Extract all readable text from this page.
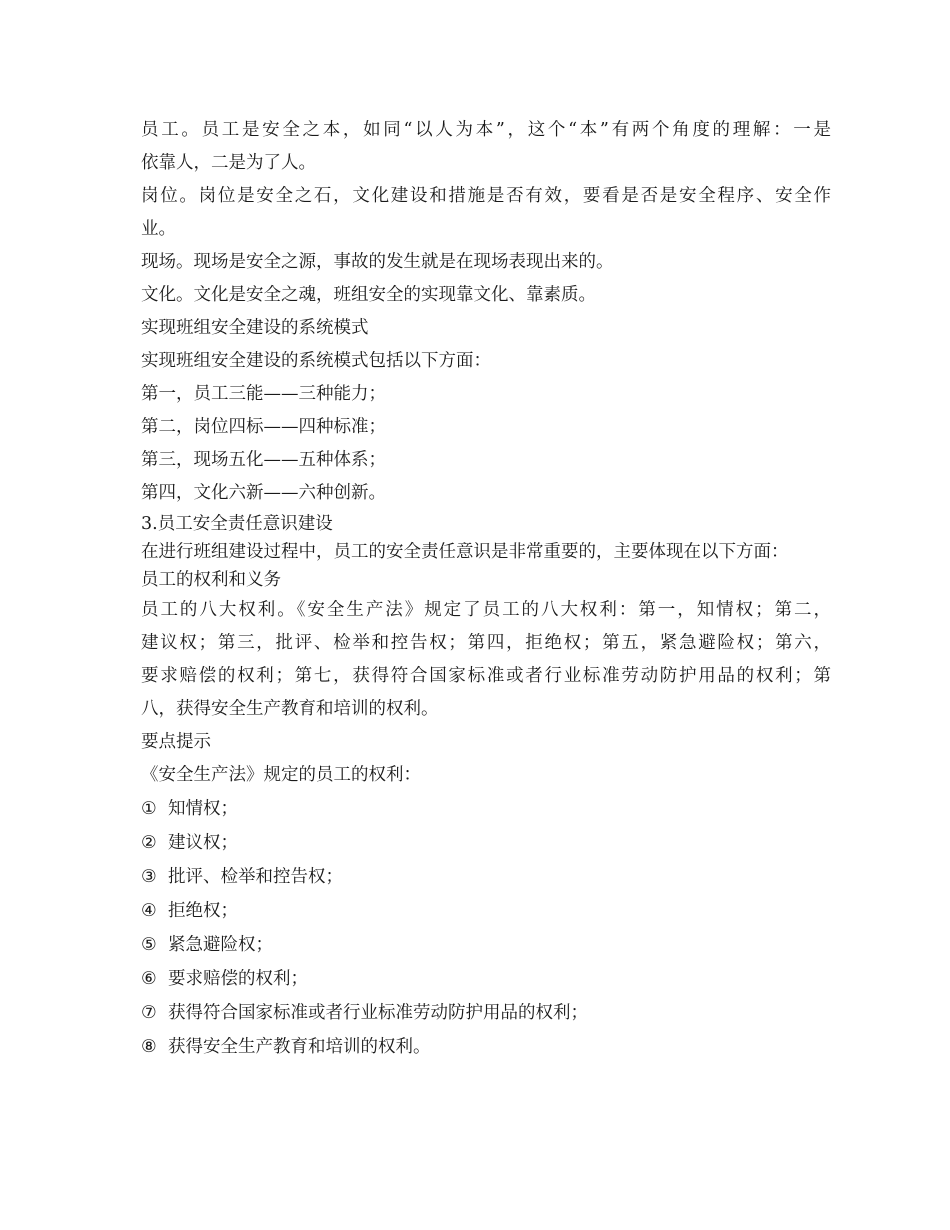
员工。员工是安全之本，如同“以人为本”，这个“本”有两个角度的理解：一是
依靠人，二是为了人。
岗位。岗位是安全之石，文化建设和措施是否有效，要看是否是安全程序、安全作
业。
现场。现场是安全之源，事故的发生就是在现场表现出来的。
文化。文化是安全之魂，班组安全的实现靠文化、靠素质。
实现班组安全建设的系统模式
实现班组安全建设的系统模式包括以下方面：
第一，员工三能——三种能力；
第二，岗位四标——四种标准；
第三，现场五化——五种体系；
第四，文化六新——六种创新。
3.员工安全责任意识建设
在进行班组建设过程中，员工的安全责任意识是非常重要的，主要体现在以下方面：
员工的权利和义务
员工的八大权利。《安全生产法》规定了员工的八大权利：第一，知情权；第二，
建议权；第三，批评、检举和控告权；第四，拒绝权；第五，紧急避险权；第六，
要求赔偿的权利；第七，获得符合国家标准或者行业标准劳动防护用品的权利；第
八，获得安全生产教育和培训的权利。
要点提示
《安全生产法》规定的员工的权利：
① 知情权；
② 建议权；
③ 批评、检举和控告权；
④ 拒绝权；
⑤ 紧急避险权；
⑥ 要求赔偿的权利；
⑦ 获得符合国家标准或者行业标准劳动防护用品的权利；
⑧ 获得安全生产教育和培训的权利。
